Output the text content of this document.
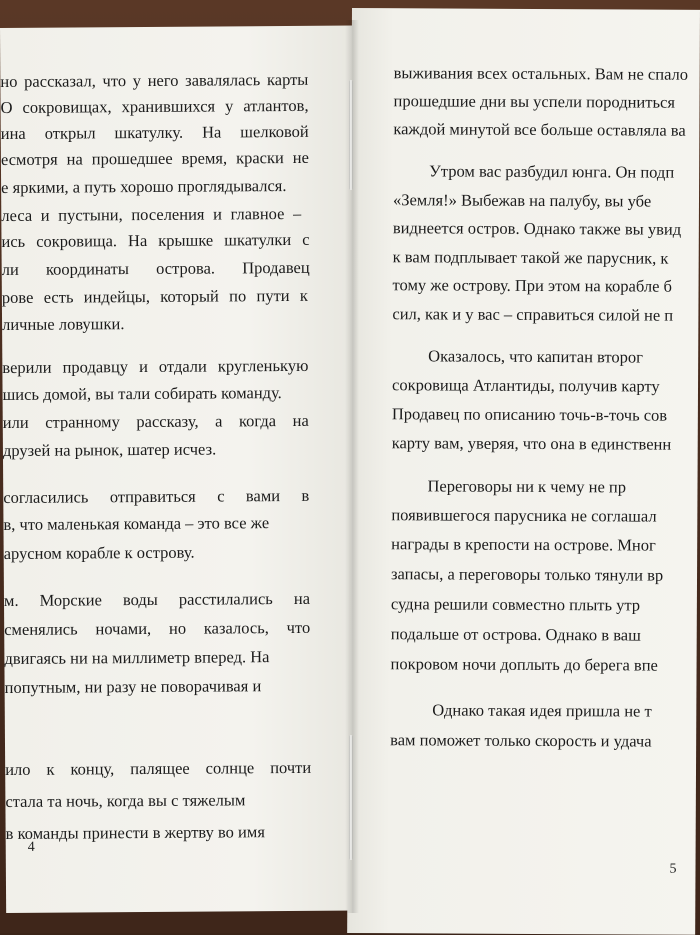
но рассказал, что у него завалялась карты
О сокровищах, хранившихся у атлантов,
ина открыл шкатулку. На шелковой
есмотря на прошедшее время, краски не
е яркими, а путь хорошо проглядывался.
леса и пустыни, поселения и главное –
ись сокровища. На крышке шкатулки с
ли координаты острова. Продавец
рове есть индейцы, который по пути к
личные ловушки.
верили продавцу и отдали кругленькую
шись домой, вы тали собирать команду.
или странному рассказу, а когда на
друзей на рынок, шатер исчез.
согласились отправиться с вами в
в, что маленькая команда – это все же
арусном корабле к острову.
м. Морские воды расстилались на
сменялись ночами, но казалось, что
двигаясь ни на миллиметр вперед. На
попутным, ни разу не поворачивая и
ило к концу, палящее солнце почти
стала та ночь, когда вы с тяжелым
в команды принести в жертву во имя
4
выживания всех остальных. Вам не спало
прошедшие дни вы успели породниться
каждой минутой все больше оставляла ва
Утром вас разбудил юнга. Он подп
«Земля!» Выбежав на палубу, вы убе
виднеется остров. Однако также вы увид
к вам подплывает такой же парусник, к
тому же острову. При этом на корабле б
сил, как и у вас – справиться силой не п
Оказалось, что капитан второг
сокровища Атлантиды, получив карту
Продавец по описанию точь-в-точь сов
карту вам, уверяя, что она в единственн
Переговоры ни к чему не пр
появившегося парусника не соглашал
награды в крепости на острове. Мног
запасы, а переговоры только тянули вр
судна решили совместно плыть утр
подальше от острова. Однако в ваш
покровом ночи доплыть до берега впе
Однако такая идея пришла не т
вам поможет только скорость и удача
5
